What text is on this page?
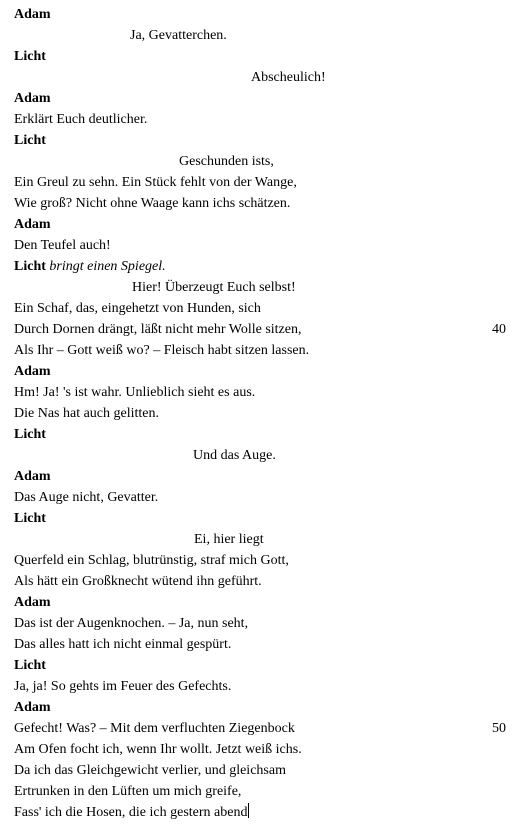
Adam
Ja, Gevatterchen.
Licht
Abscheulich!
Adam
Erklärt Euch deutlicher.
Licht
Geschunden ists,
Ein Greul zu sehn. Ein Stück fehlt von der Wange,
Wie groß? Nicht ohne Waage kann ichs schätzen.
Adam
Den Teufel auch!
Licht bringt einen Spiegel.
Hier! Überzeugt Euch selbst!
Ein Schaf, das, eingehetzt von Hunden, sich
Durch Dornen drängt, läßt nicht mehr Wolle sitzen,	40
Als Ihr – Gott weiß wo? – Fleisch habt sitzen lassen.
Adam
Hm! Ja! 's ist wahr. Unlieblich sieht es aus.
Die Nas hat auch gelitten.
Licht
Und das Auge.
Adam
Das Auge nicht, Gevatter.
Licht
Ei, hier liegt
Querfeld ein Schlag, blutrünstig, straf mich Gott,
Als hätt ein Großknecht wütend ihn geführt.
Adam
Das ist der Augenknochen. – Ja, nun seht,
Das alles hatt ich nicht einmal gespürt.
Licht
Ja, ja! So gehts im Feuer des Gefechts.
Adam
Gefecht! Was? – Mit dem verfluchten Ziegenbock	50
Am Ofen focht ich, wenn Ihr wollt. Jetzt weiß ichs.
Da ich das Gleichgewicht verlier, und gleichsam
Ertrunken in den Lüften um mich greife,
Fass' ich die Hosen, die ich gestern abend
